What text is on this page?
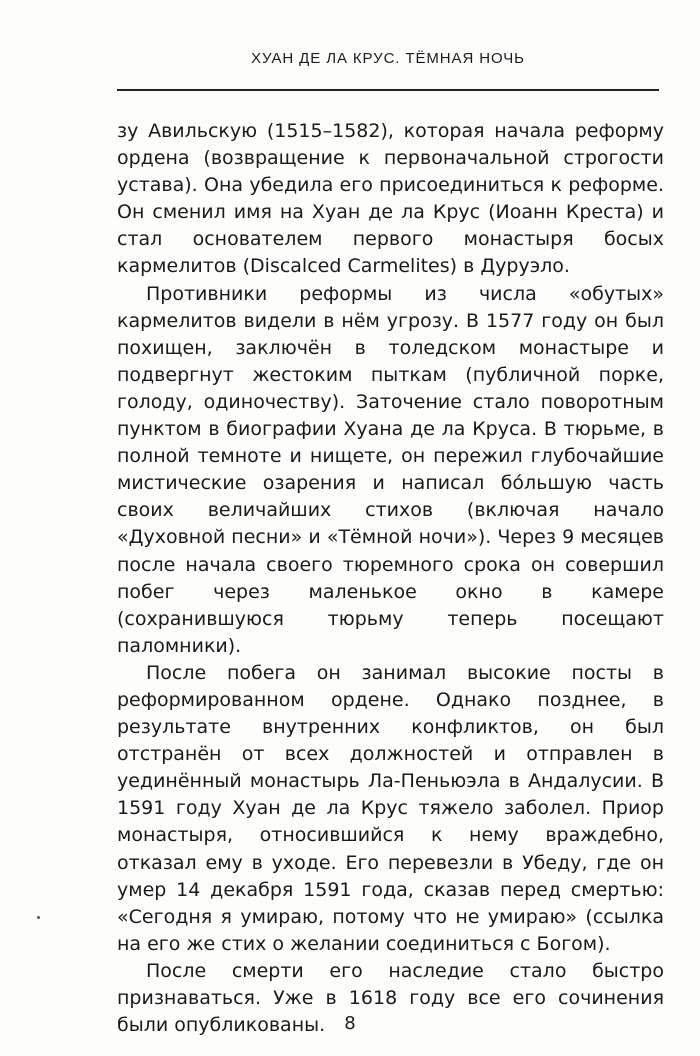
ХУАН ДЕ ЛА КРУС. ТЁМНАЯ НОЧЬ

зу Авильскую (1515–1582), которая начала реформу ордена (возвращение к первоначальной строгости устава). Она убедила его присоединиться к реформе. Он сменил имя на Хуан де ла Крус (Иоанн Креста) и стал основателем первого монастыря босых кармелитов (Discalced Carmelites) в Дуруэло.

Противники реформы из числа «обутых» кармелитов видели в нём угрозу. В 1577 году он был похищен, заключён в толедском монастыре и подвергнут жестоким пыткам (публичной порке, голоду, одиночеству). Заточение стало поворотным пунктом в биографии Хуана де ла Круса. В тюрьме, в полной темноте и нищете, он пережил глубочайшие мистические озарения и написал бóльшую часть своих величайших стихов (включая начало «Духовной песни» и «Тёмной ночи»). Через 9 месяцев после начала своего тюремного срока он совершил побег через маленькое окно в камере (сохранившуюся тюрьму теперь посещают паломники).

После побега он занимал высокие посты в реформированном ордене. Однако позднее, в результате внутренних конфликтов, он был отстранён от всех должностей и отправлен в уединённый монастырь Ла-Пеньюэла в Андалусии. В 1591 году Хуан де ла Крус тяжело заболел. Приор монастыря, относившийся к нему враждебно, отказал ему в уходе. Его перевезли в Убеду, где он умер 14 декабря 1591 года, сказав перед смертью: «Сегодня я умираю, потому что не умираю» (ссылка на его же стих о желании соединиться с Богом).

После смерти его наследие стало быстро признаваться. Уже в 1618 году все его сочинения были опубликованы.	8
